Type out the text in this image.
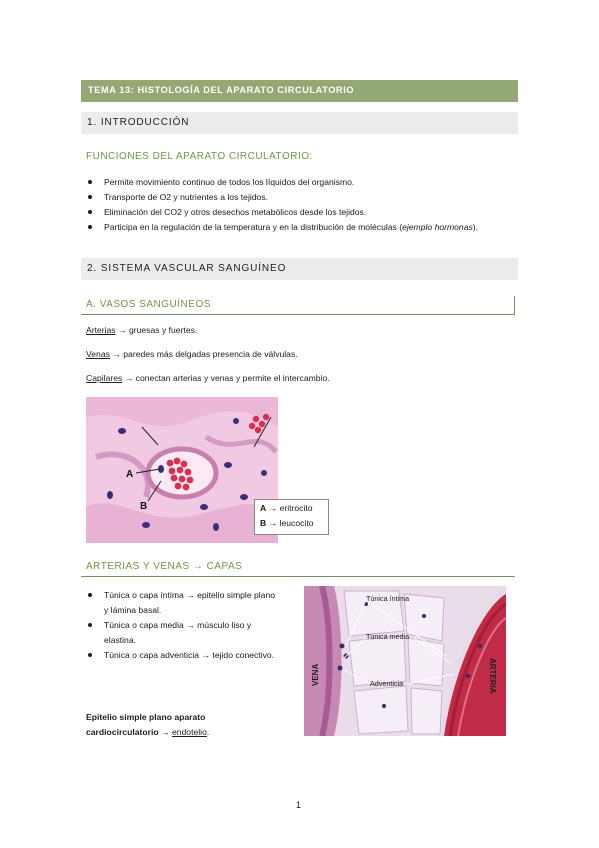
TEMA 13: HISTOLOGÍA DEL APARATO CIRCULATORIO
1. INTRODUCCIÓN
FUNCIONES DEL APARATO CIRCULATORIO:
Permite movimiento continuo de todos los líquidos del organismo.
Transporte de O2 y nutrientes a los tejidos.
Eliminación del CO2 y otros desechos metabólicos desde los tejidos.
Participa en la regulación de la temperatura y en la distribución de moléculas (ejemplo hormonas).
2. SISTEMA VASCULAR SANGUÍNEO
A. VASOS SANGUÍNEOS
Arterias → gruesas y fuertes.
Venas → paredes más delgadas presencia de válvulas.
Capilares → conectan arterias y venas y permite el intercambio.
A
B	A → eritrocito
B → leucocito
ARTERIAS Y VENAS → CAPAS
Túnica o capa íntima → epitelio simple plano y lámina basal.
Túnica o capa media → músculo liso y elastina.
Túnica o capa adventicia → tejido conectivo.
Epitelio simple plano aparato cardiocirculatorio → endotelio.
Túnica íntima
Túnica media
Adventicia
VENA	ARTERIA
1
